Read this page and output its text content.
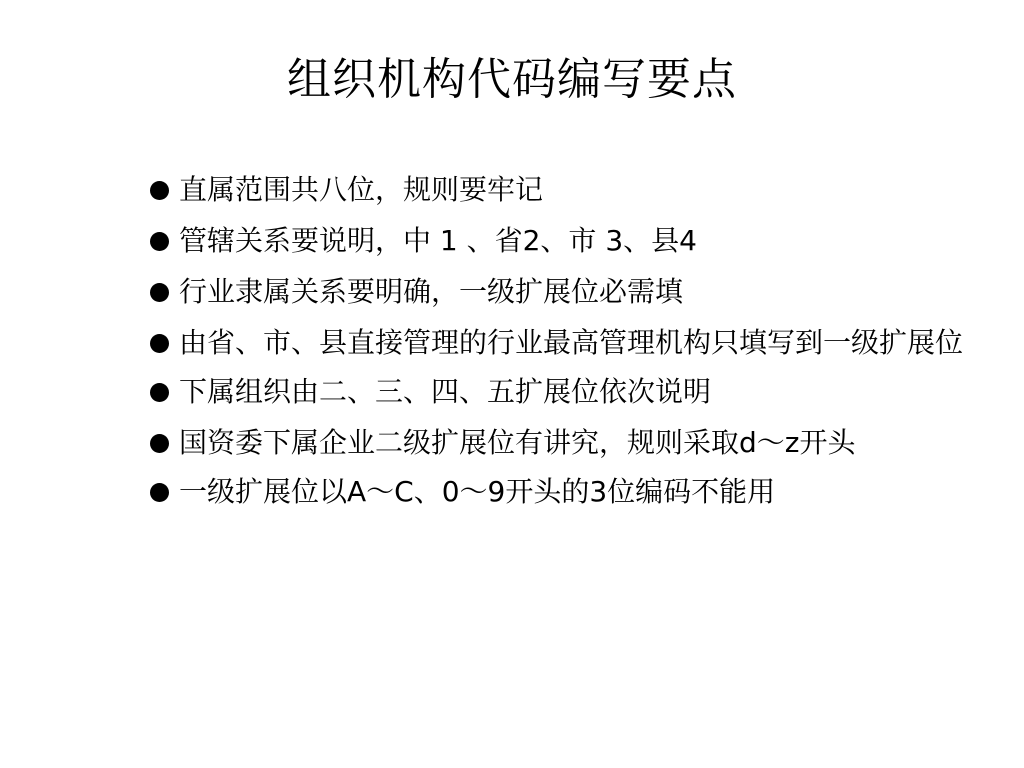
组织机构代码编写要点
直属范围共八位，规则要牢记
管辖关系要说明，中 1 、省2、市 3、县4
行业隶属关系要明确，一级扩展位必需填
由省、市、县直接管理的行业最高管理机构只填写到一级扩展位
下属组织由二、三、四、五扩展位依次说明
国资委下属企业二级扩展位有讲究，规则采取d～z开头
一级扩展位以A～C、0～9开头的3位编码不能用
